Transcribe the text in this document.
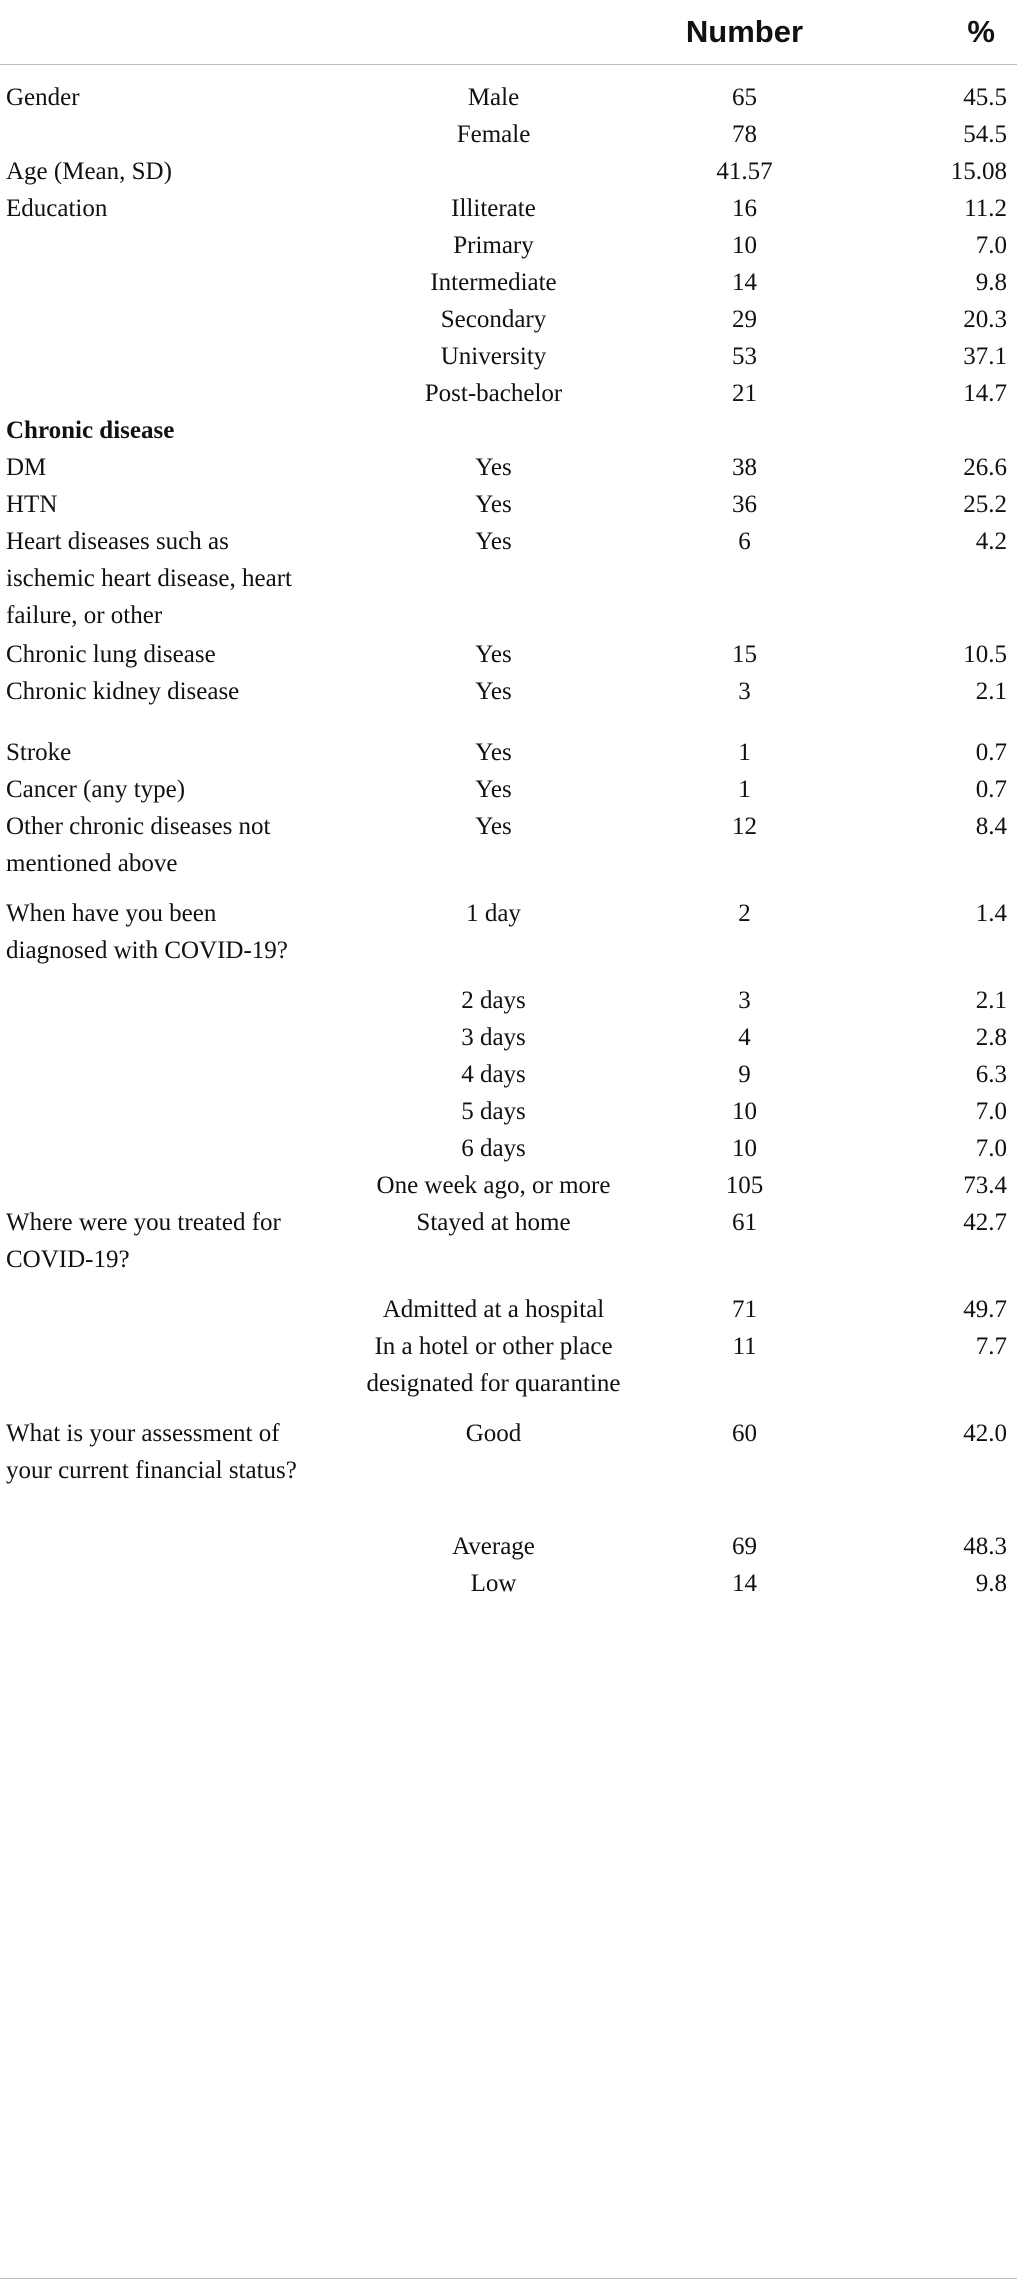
		Number	%
Gender	Male	65	45.5
	Female	78	54.5
Age (Mean, SD)		41.57	15.08
Education	Illiterate	16	11.2
	Primary	10	7.0
	Intermediate	14	9.8
	Secondary	29	20.3
	University	53	37.1
	Post-bachelor	21	14.7
Chronic disease			
DM	Yes	38	26.6
HTN	Yes	36	25.2
Heart diseases such as ischemic heart disease, heart failure, or other	Yes	6	4.2
Chronic lung disease	Yes	15	10.5
Chronic kidney disease	Yes	3	2.1
Stroke	Yes	1	0.7
Cancer (any type)	Yes	1	0.7
Other chronic diseases not mentioned above	Yes	12	8.4
When have you been diagnosed with COVID-19?	1 day	2	1.4
	2 days	3	2.1
	3 days	4	2.8
	4 days	9	6.3
	5 days	10	7.0
	6 days	10	7.0
	One week ago, or more	105	73.4
Where were you treated for COVID-19?	Stayed at home	61	42.7
	Admitted at a hospital	71	49.7
	In a hotel or other place designated for quarantine	11	7.7
What is your assessment of your current financial status?	Good	60	42.0
	Average	69	48.3
	Low	14	9.8
